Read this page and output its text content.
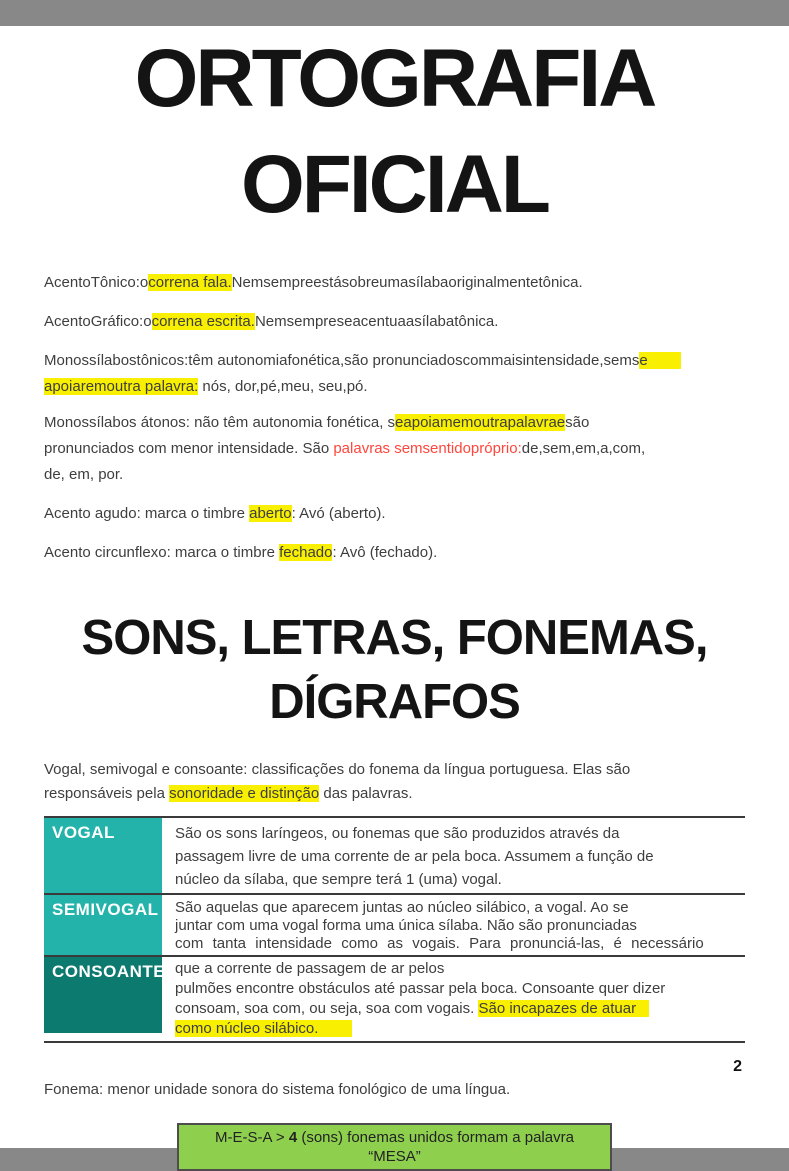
ORTOGRAFIA
OFICIAL

AcentoTônico:ocorrena fala.Nemsempreestásobreumasílabaoriginalmentetônica.

AcentoGráfico:ocorrena escrita.Nemsempreseacentuaasílabatônica.

Monossílabostônicos:têm autonomiafonética,são pronunciadoscommaisintensidade,semse
apoiaremoutra palavra: nós, dor,pé,meu, seu,pó.

Monossílabos átonos: não têm autonomia fonética, seapoiamemoutrapalavraesão
pronunciados com menor intensidade. São palavras semsentidopróprio:de,sem,em,a,com,
de, em, por.

Acento agudo: marca o timbre aberto: Avó (aberto).

Acento circunflexo: marca o timbre fechado: Avô (fechado).

SONS, LETRAS, FONEMAS,
DÍGRAFOS

Vogal, semivogal e consoante: classificações do fonema da língua portuguesa. Elas são
responsáveis pela sonoridade e distinção das palavras.

VOGAL	São os sons laríngeos, ou fonemas que são produzidos através da
passagem livre de uma corrente de ar pela boca. Assumem a função de
núcleo da sílaba, que sempre terá 1 (uma) vogal.
SEMIVOGAL São aquelas que aparecem juntas ao núcleo silábico, a vogal. Ao se
juntar com uma vogal forma uma única sílaba. Não são pronunciadas
com tanta intensidade como as vogais. Para pronunciá-las, é necessário
CONSOANTE que a corrente de passagem de ar pelos
pulmões encontre obstáculos até passar pela boca. Consoante quer dizer
consoam, soa com, ou seja, soa com vogais. São incapazes de atuar
como núcleo silábico.

Fonema: menor unidade sonora do sistema fonológico de uma língua.

M-E-S-A > 4 (sons) fonemas unidos formam a palavra
“MESA”
2
